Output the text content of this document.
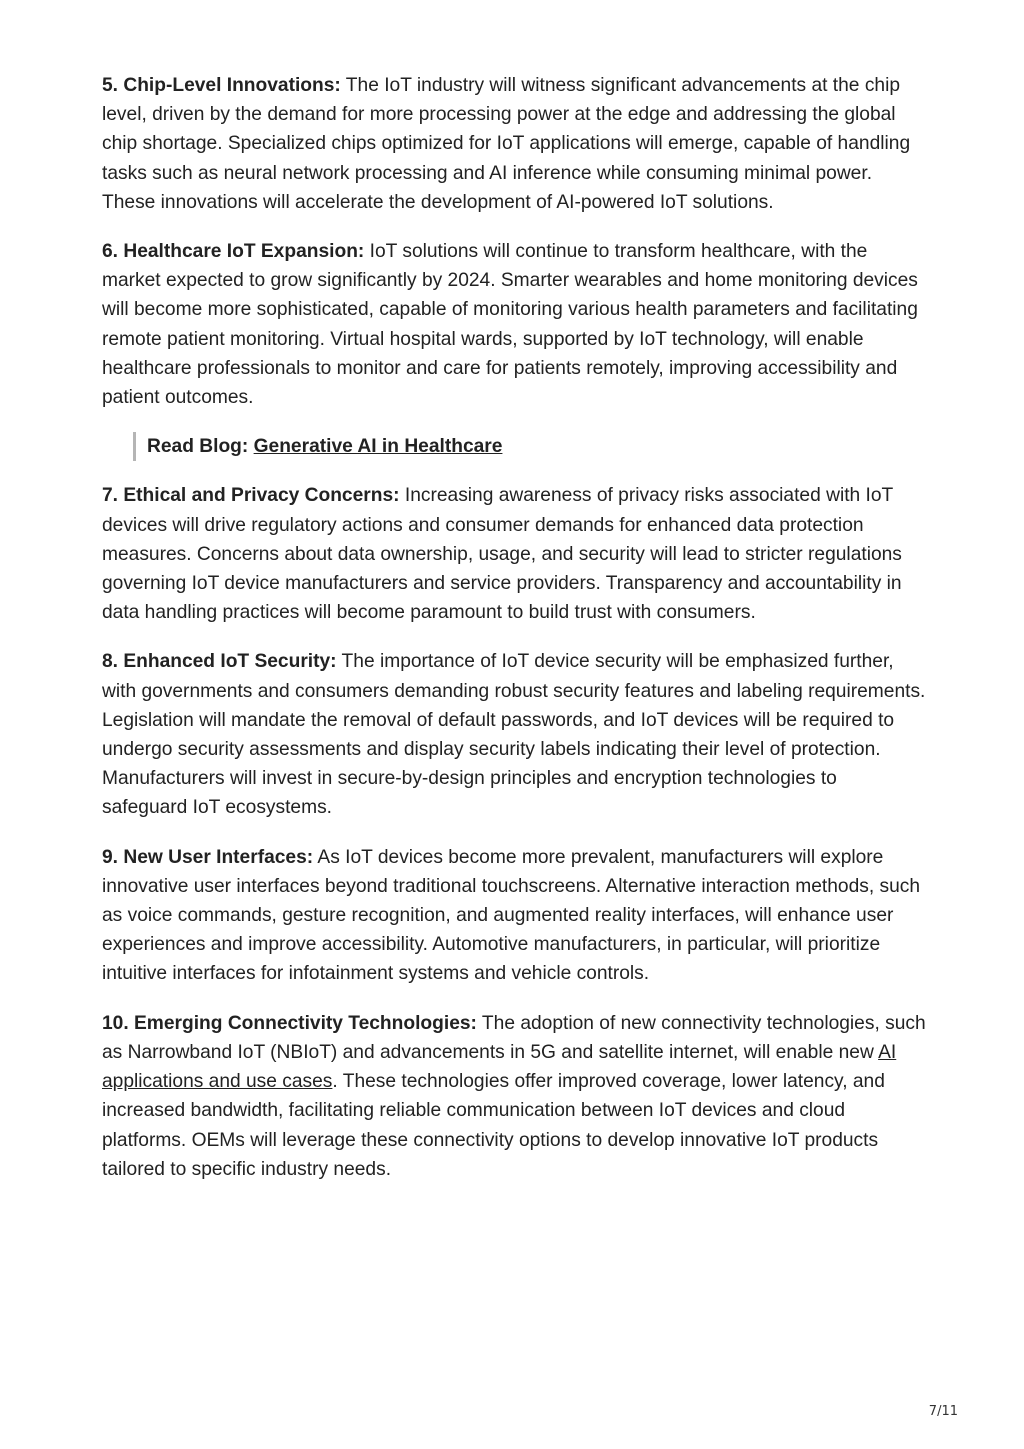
5. Chip-Level Innovations: The IoT industry will witness significant advancements at the chip level, driven by the demand for more processing power at the edge and addressing the global chip shortage. Specialized chips optimized for IoT applications will emerge, capable of handling tasks such as neural network processing and AI inference while consuming minimal power. These innovations will accelerate the development of AI-powered IoT solutions.

6. Healthcare IoT Expansion: IoT solutions will continue to transform healthcare, with the market expected to grow significantly by 2024. Smarter wearables and home monitoring devices will become more sophisticated, capable of monitoring various health parameters and facilitating remote patient monitoring. Virtual hospital wards, supported by IoT technology, will enable healthcare professionals to monitor and care for patients remotely, improving accessibility and patient outcomes.

Read Blog: Generative AI in Healthcare

7. Ethical and Privacy Concerns: Increasing awareness of privacy risks associated with IoT devices will drive regulatory actions and consumer demands for enhanced data protection measures. Concerns about data ownership, usage, and security will lead to stricter regulations governing IoT device manufacturers and service providers. Transparency and accountability in data handling practices will become paramount to build trust with consumers.

8. Enhanced IoT Security: The importance of IoT device security will be emphasized further, with governments and consumers demanding robust security features and labeling requirements. Legislation will mandate the removal of default passwords, and IoT devices will be required to undergo security assessments and display security labels indicating their level of protection. Manufacturers will invest in secure-by-design principles and encryption technologies to safeguard IoT ecosystems.

9. New User Interfaces: As IoT devices become more prevalent, manufacturers will explore innovative user interfaces beyond traditional touchscreens. Alternative interaction methods, such as voice commands, gesture recognition, and augmented reality interfaces, will enhance user experiences and improve accessibility. Automotive manufacturers, in particular, will prioritize intuitive interfaces for infotainment systems and vehicle controls.

10. Emerging Connectivity Technologies: The adoption of new connectivity technologies, such as Narrowband IoT (NBIoT) and advancements in 5G and satellite internet, will enable new AI applications and use cases. These technologies offer improved coverage, lower latency, and increased bandwidth, facilitating reliable communication between IoT devices and cloud platforms. OEMs will leverage these connectivity options to develop innovative IoT products tailored to specific industry needs.

7/11
